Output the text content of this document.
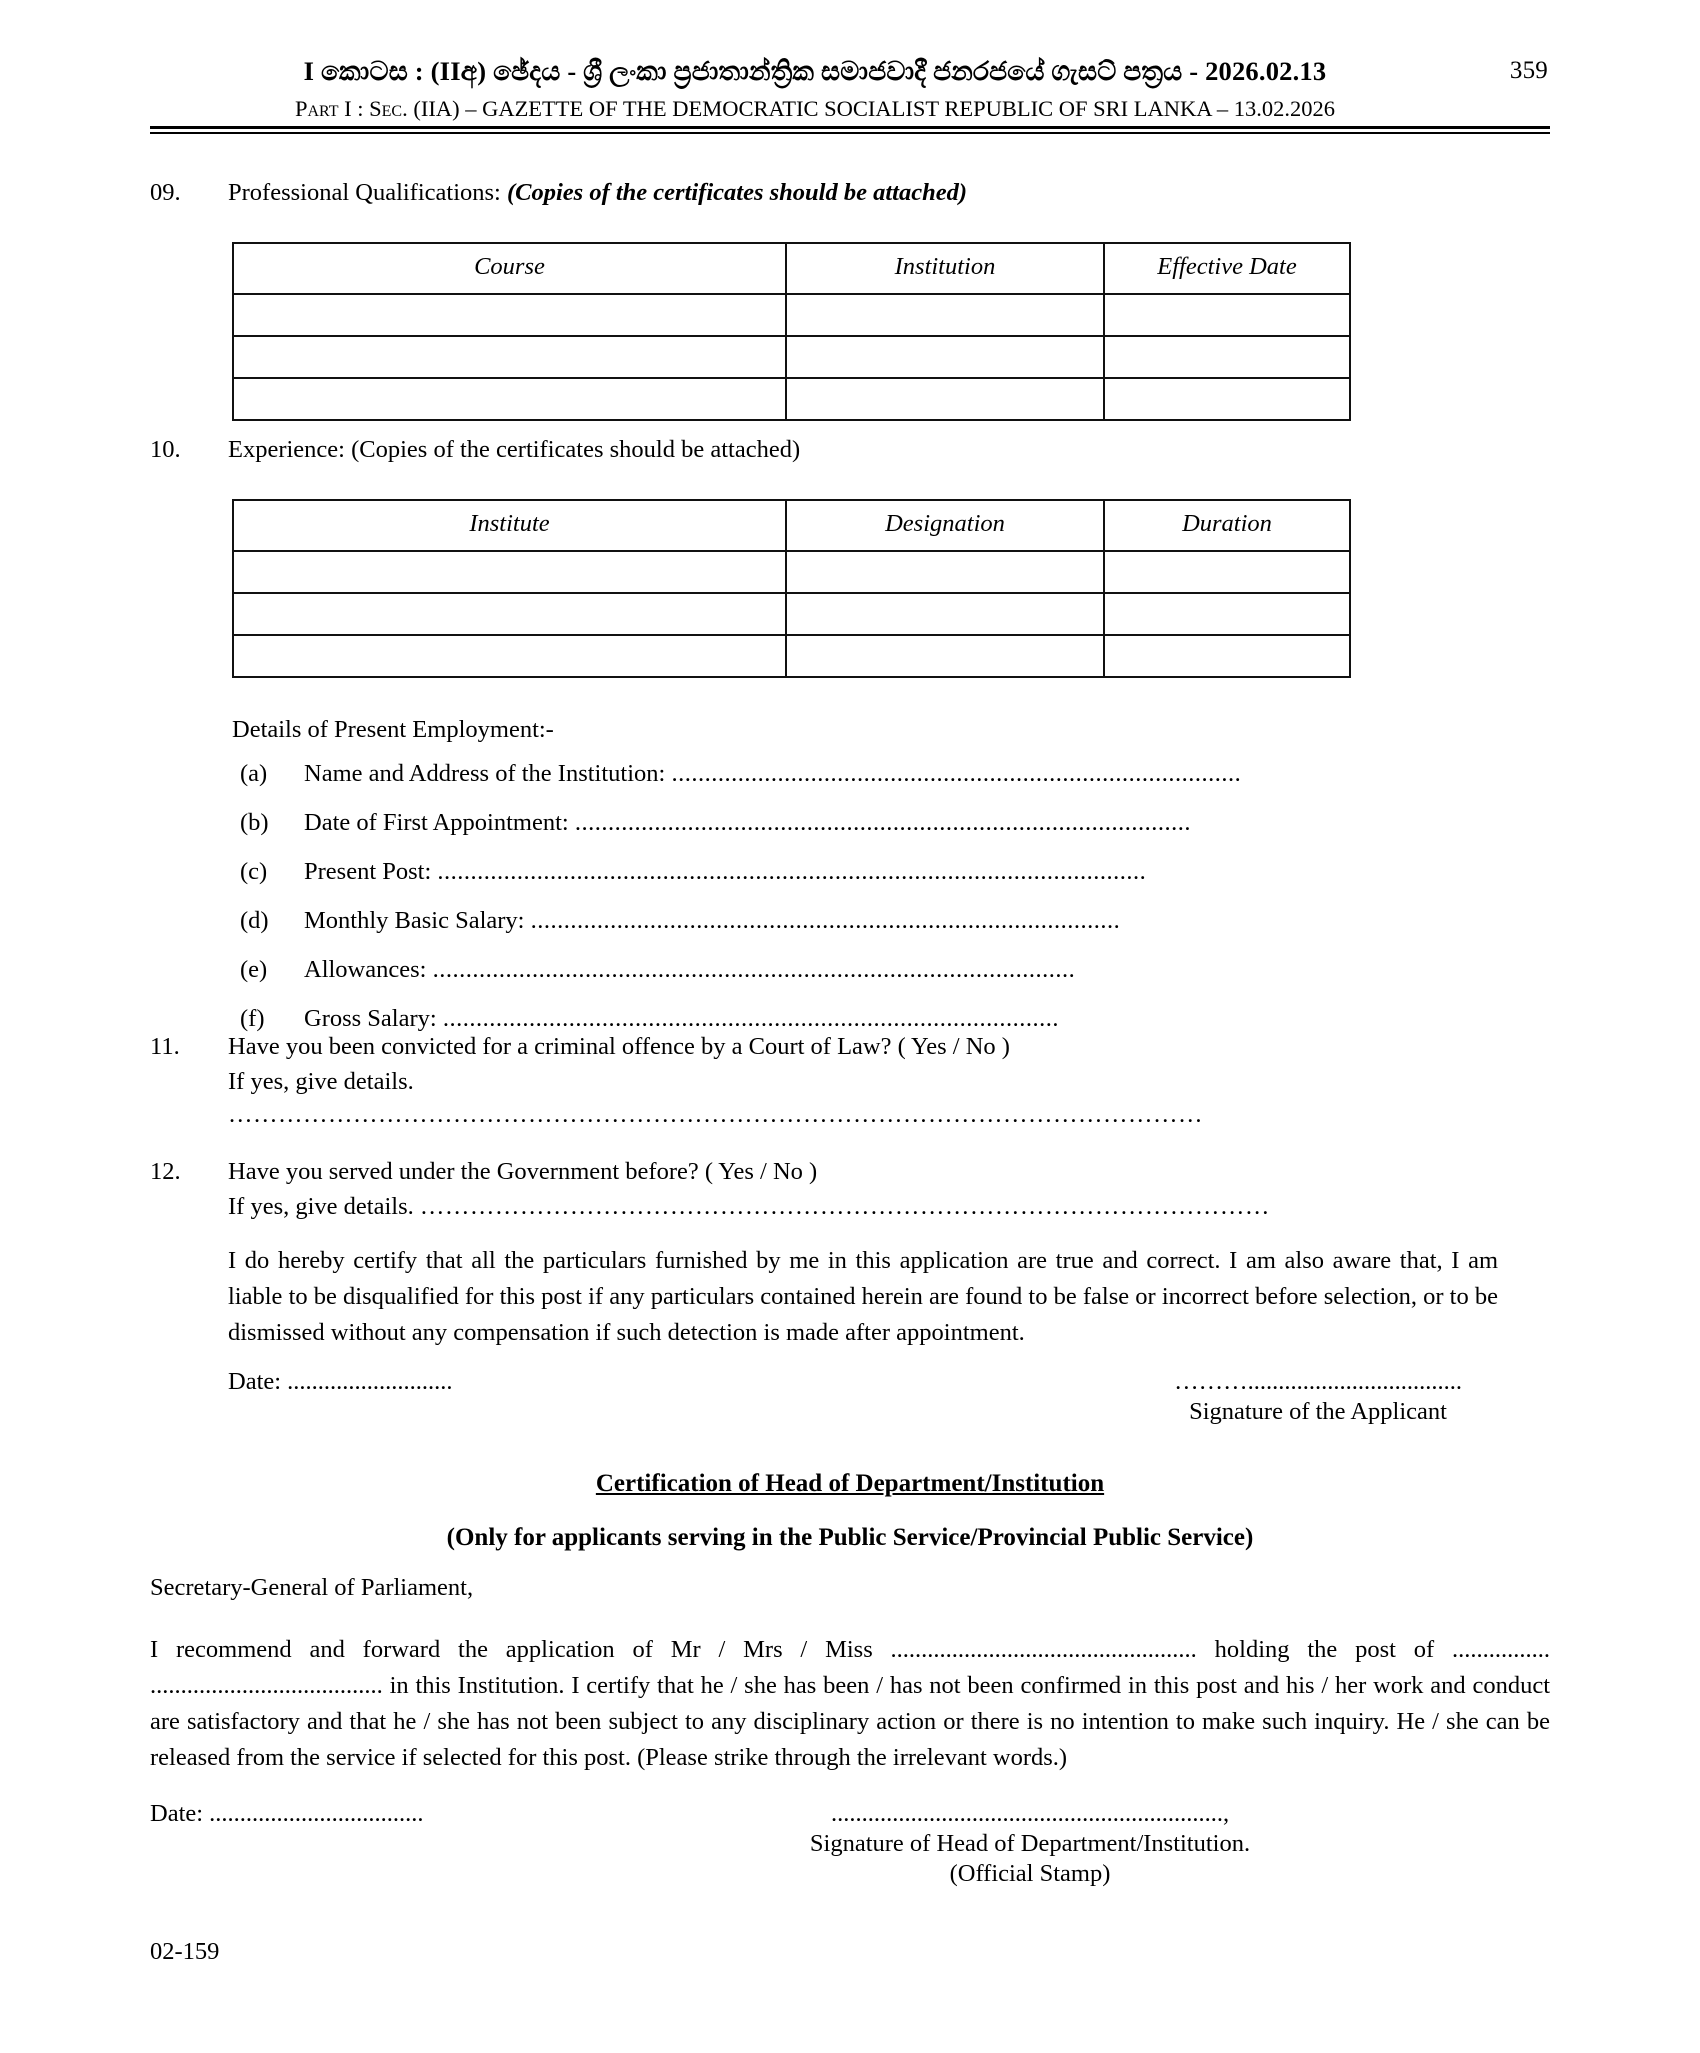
I කොටස : (IIඅ) ඡේදය - ශ්‍රී ලංකා ප්‍රජාතාන්ත්‍රික සමාජවාදී ජනරජයේ ගැසට් පත්‍රය - 2026.02.13	359
Part I : Sec. (IIA) – GAZETTE OF THE DEMOCRATIC SOCIALIST REPUBLIC OF SRI LANKA – 13.02.2026
09.	Professional Qualifications: (Copies of the certificates should be attached)
Course	Institution	Effective Date

10.	Experience: (Copies of the certificates should be attached)
Institute	Designation	Duration

Details of Present Employment:-
(a) Name and Address of the Institution: ......................................................................................
(b) Date of First Appointment: .............................................................................................
(c) Present Post: ...........................................................................................................
(d) Monthly Basic Salary: .........................................................................................
(e) Allowances: .................................................................................................
(f) Gross Salary: .............................................................................................
11.	Have you been convicted for a criminal offence by a Court of Law? ( Yes / No )
If yes, give details.
………………………………………………………………………………………………………
12.	Have you served under the Government before? ( Yes / No )
If yes, give details. …………………………………………………………………………………………
I do hereby certify that all the particulars furnished by me in this application are true and correct. I am also aware that, I am liable to be disqualified for this post if any particulars contained herein are found to be false or incorrect before selection, or to be dismissed without any compensation if such detection is made after appointment.
Date: ...........................	………...................................
Signature of the Applicant
Certification of Head of Department/Institution
(Only for applicants serving in the Public Service/Provincial Public Service)
Secretary-General of Parliament,
I recommend and forward the application of Mr / Mrs / Miss .................................................. holding the post of ................ ...................................... in this Institution. I certify that he / she has been / has not been confirmed in this post and his / her work and conduct are satisfactory and that he / she has not been subject to any disciplinary action or there is no intention to make such inquiry. He / she can be released from the service if selected for this post. (Please strike through the irrelevant words.)
Date: ...................................	................................................................,
Signature of Head of Department/Institution.
(Official Stamp)
02-159
